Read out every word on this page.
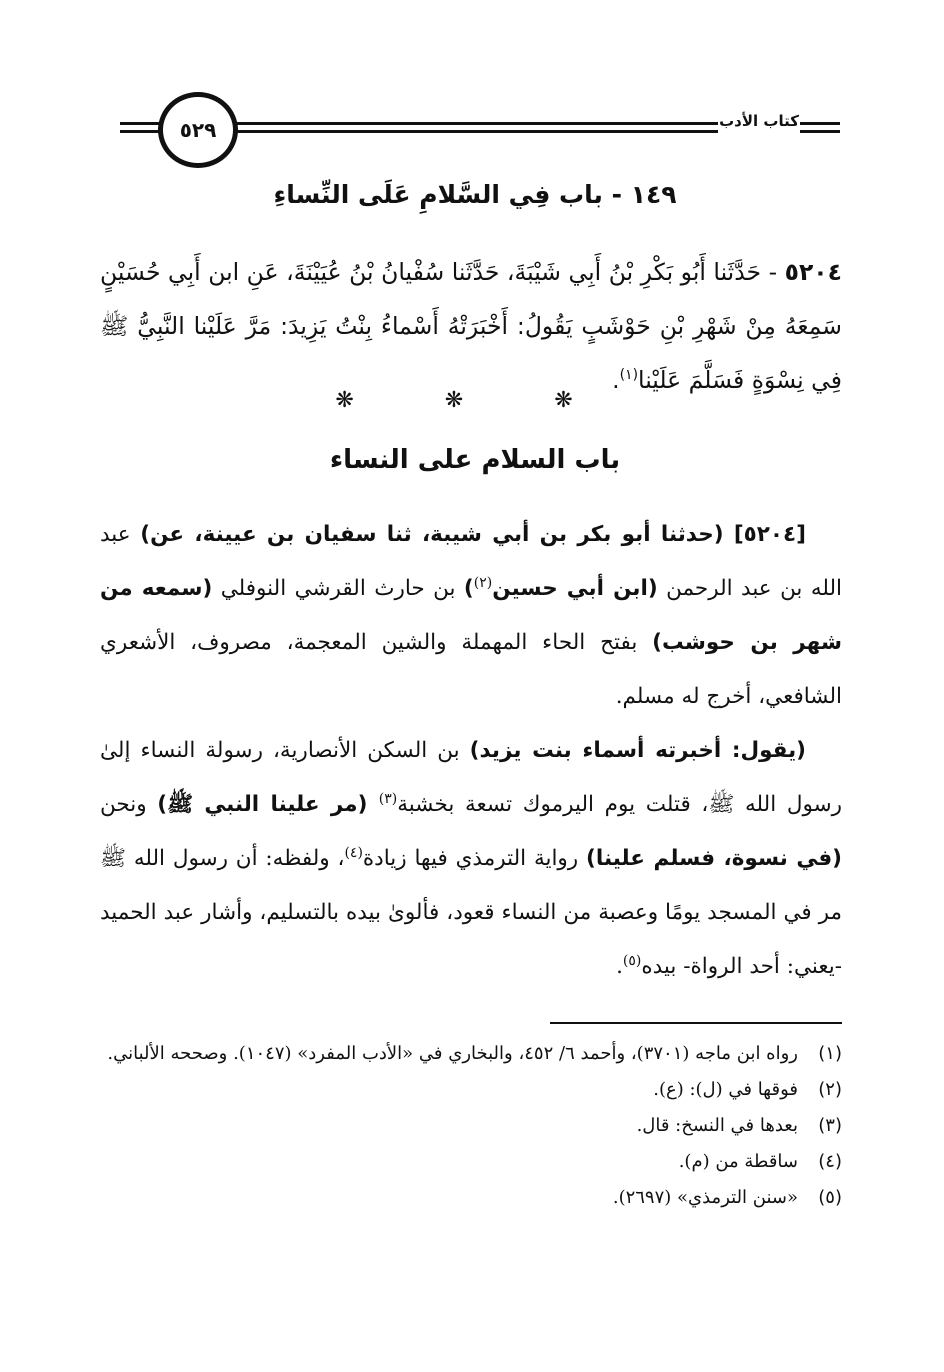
٥٢٩	كتاب الأدب
١٤٩ - باب فِي السَّلامِ عَلَى النِّساءِ
٥٢٠٤ - حَدَّثَنا أَبُو بَكْرِ بْنُ أَبِي شَيْبَةَ، حَدَّثَنا سُفْيانُ بْنُ عُيَيْنَةَ، عَنِ ابن أَبِي حُسَيْنٍ سَمِعَهُ مِنْ شَهْرِ بْنِ حَوْشَبٍ يَقُولُ: أَخْبَرَتْهُ أَسْماءُ بِنْتُ يَزِيدَ: مَرَّ عَلَيْنا النَّبِيُّ ﷺ فِي نِسْوَةٍ فَسَلَّمَ عَلَيْنا$^{(١)}$.
❋ ❋ ❋
باب السلام على النساء

[٥٢٠٤] (حدثنا أبو بكر بن أبي شيبة، ثنا سفيان بن عيينة، عن) عبد الله بن عبد الرحمن (ابن أبي حسين$^{(٢)}$) بن حارث القرشي النوفلي (سمعه من شهر بن حوشب) بفتح الحاء المهملة والشين المعجمة، مصروف، الأشعري الشافعي، أخرج له مسلم.

(يقول: أخبرته أسماء بنت يزيد) بن السكن الأنصارية، رسولة النساء إلىٰ رسول الله ﷺ، قتلت يوم اليرموك تسعة بخشبة$^{(٣)}$ (مر علينا النبي ﷺ) ونحن (في نسوة، فسلم علينا) رواية الترمذي فيها زيادة$^{(٤)}$، ولفظه: أن رسول الله ﷺ مر في المسجد يومًا وعصبة من النساء قعود، فألوىٰ بيده بالتسليم، وأشار عبد الحميد -يعني: أحد الرواة- بيده$^{(٥)}$.

(١)
رواه ابن ماجه (٣٧٠١)، وأحمد ٦/ ٤٥٢، والبخاري في «الأدب المفرد» (١٠٤٧). وصححه الألباني.
(٢)
فوقها في (ل): (ع).
(٣)
بعدها في النسخ: قال.
(٤)
ساقطة من (م).
(٥)
«سنن الترمذي» (٢٦٩٧).
